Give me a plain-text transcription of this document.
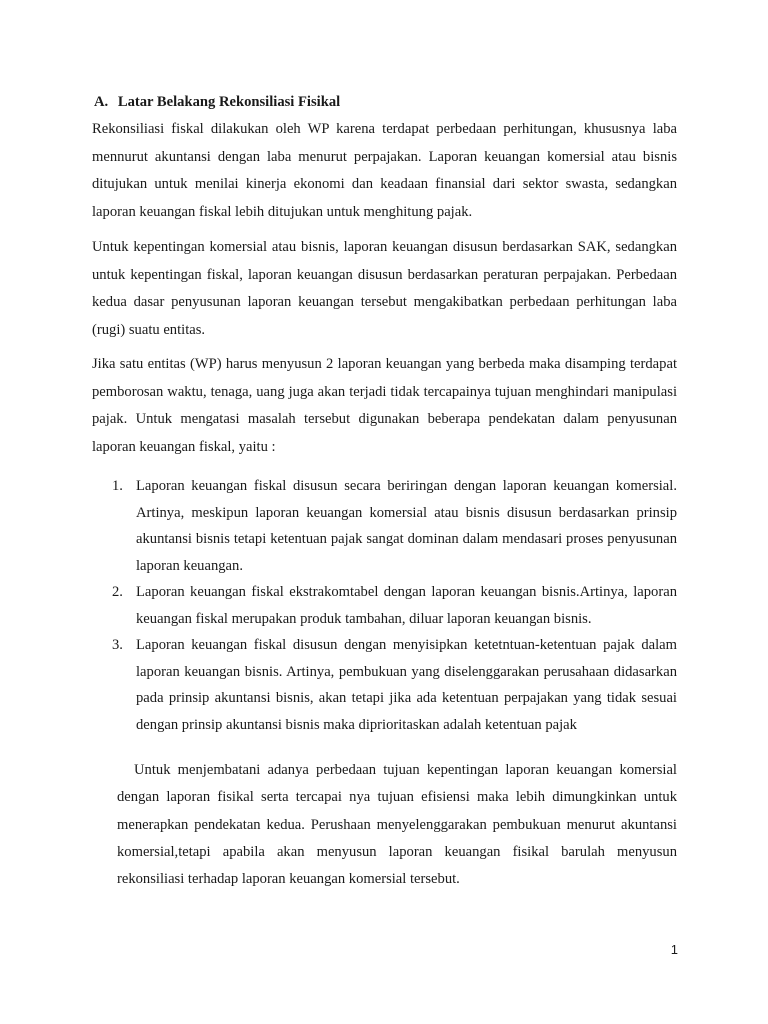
A. Latar Belakang Rekonsiliasi Fisikal

Rekonsiliasi fiskal dilakukan oleh WP karena terdapat perbedaan perhitungan, khususnya laba mennurut akuntansi dengan laba menurut perpajakan. Laporan keuangan komersial atau bisnis ditujukan untuk menilai kinerja ekonomi dan keadaan finansial dari sektor swasta, sedangkan laporan keuangan fiskal lebih ditujukan untuk menghitung pajak.

Untuk kepentingan komersial atau bisnis, laporan keuangan disusun berdasarkan SAK, sedangkan untuk kepentingan fiskal, laporan keuangan disusun berdasarkan peraturan perpajakan. Perbedaan kedua dasar penyusunan laporan keuangan tersebut mengakibatkan perbedaan perhitungan laba (rugi) suatu entitas.

Jika satu entitas (WP) harus menyusun 2 laporan keuangan yang berbeda maka disamping terdapat pemborosan waktu, tenaga, uang juga akan terjadi tidak tercapainya tujuan menghindari manipulasi pajak. Untuk mengatasi masalah tersebut digunakan beberapa pendekatan dalam penyusunan laporan keuangan fiskal, yaitu :

1. Laporan keuangan fiskal disusun secara beriringan dengan laporan keuangan komersial. Artinya, meskipun laporan keuangan komersial atau bisnis disusun berdasarkan prinsip akuntansi bisnis tetapi ketentuan pajak sangat dominan dalam mendasari proses penyusunan laporan keuangan.
2. Laporan keuangan fiskal ekstrakomtabel dengan laporan keuangan bisnis.Artinya, laporan keuangan fiskal merupakan produk tambahan, diluar laporan keuangan bisnis.
3. Laporan keuangan fiskal disusun dengan menyisipkan ketetntuan-ketentuan pajak dalam laporan keuangan bisnis. Artinya, pembukuan yang diselenggarakan perusahaan didasarkan pada prinsip akuntansi bisnis, akan tetapi jika ada ketentuan perpajakan yang tidak sesuai dengan prinsip akuntansi bisnis maka diprioritaskan adalah ketentuan pajak

Untuk menjembatani adanya perbedaan tujuan kepentingan laporan keuangan komersial dengan laporan fisikal serta tercapai nya tujuan efisiensi maka lebih dimungkinkan untuk menerapkan pendekatan kedua. Perushaan menyelenggarakan pembukuan menurut akuntansi komersial,tetapi apabila akan menyusun laporan keuangan fisikal barulah menyusun rekonsiliasi terhadap laporan keuangan komersial tersebut.

1
